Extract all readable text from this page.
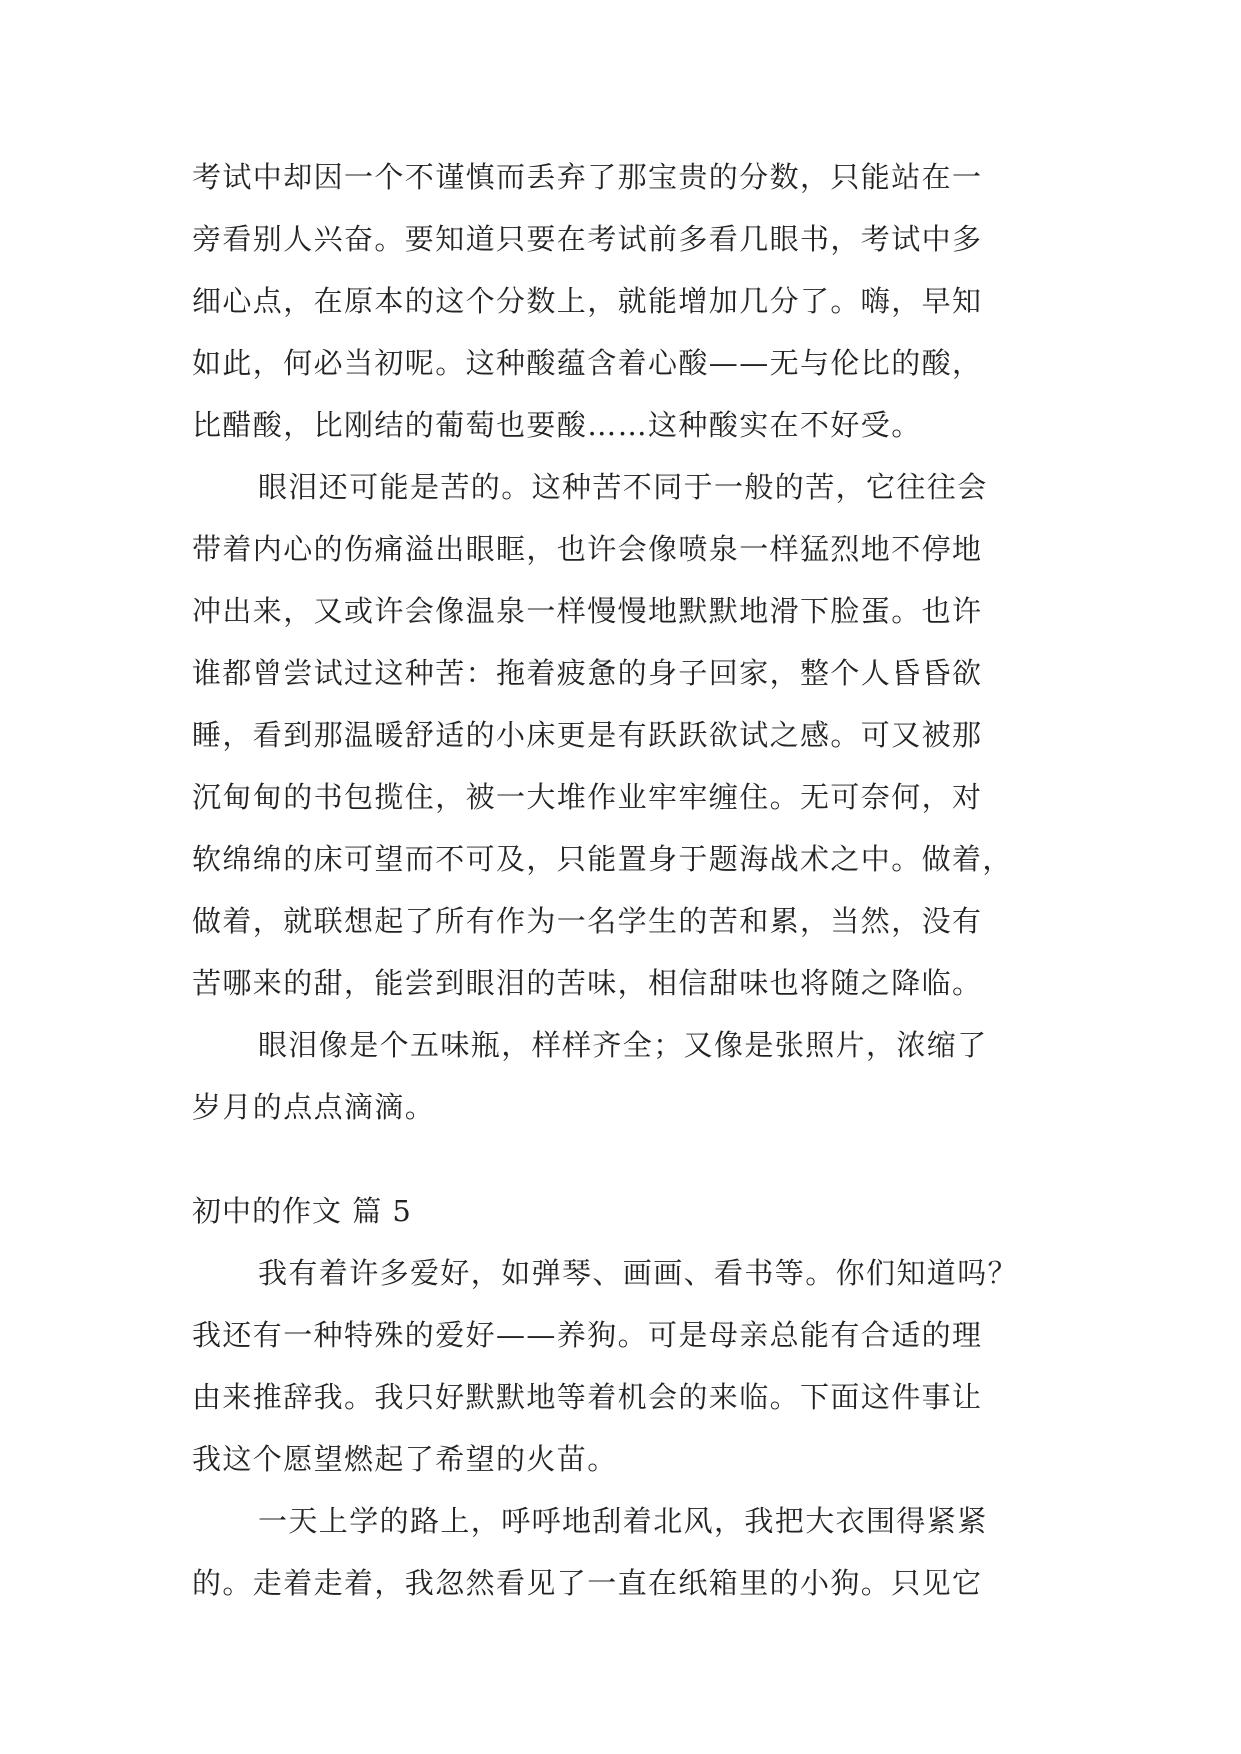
考试中却因一个不谨慎而丢弃了那宝贵的分数，只能站在一
旁看别人兴奋。要知道只要在考试前多看几眼书，考试中多
细心点，在原本的这个分数上，就能增加几分了。嗨，早知
如此，何必当初呢。这种酸蕴含着心酸——无与伦比的酸，
比醋酸，比刚结的葡萄也要酸……这种酸实在不好受。
眼泪还可能是苦的。这种苦不同于一般的苦，它往往会
带着内心的伤痛溢出眼眶，也许会像喷泉一样猛烈地不停地
冲出来，又或许会像温泉一样慢慢地默默地滑下脸蛋。也许
谁都曾尝试过这种苦：拖着疲惫的身子回家，整个人昏昏欲
睡，看到那温暖舒适的小床更是有跃跃欲试之感。可又被那
沉甸甸的书包揽住，被一大堆作业牢牢缠住。无可奈何，对
软绵绵的床可望而不可及，只能置身于题海战术之中。做着，
做着，就联想起了所有作为一名学生的苦和累，当然，没有
苦哪来的甜，能尝到眼泪的苦味，相信甜味也将随之降临。
眼泪像是个五味瓶，样样齐全；又像是张照片，浓缩了
岁月的点点滴滴。
初中的作文 篇 5
我有着许多爱好，如弹琴、画画、看书等。你们知道吗？
我还有一种特殊的爱好——养狗。可是母亲总能有合适的理
由来推辞我。我只好默默地等着机会的来临。下面这件事让
我这个愿望燃起了希望的火苗。
一天上学的路上，呼呼地刮着北风，我把大衣围得紧紧
的。走着走着，我忽然看见了一直在纸箱里的小狗。只见它
